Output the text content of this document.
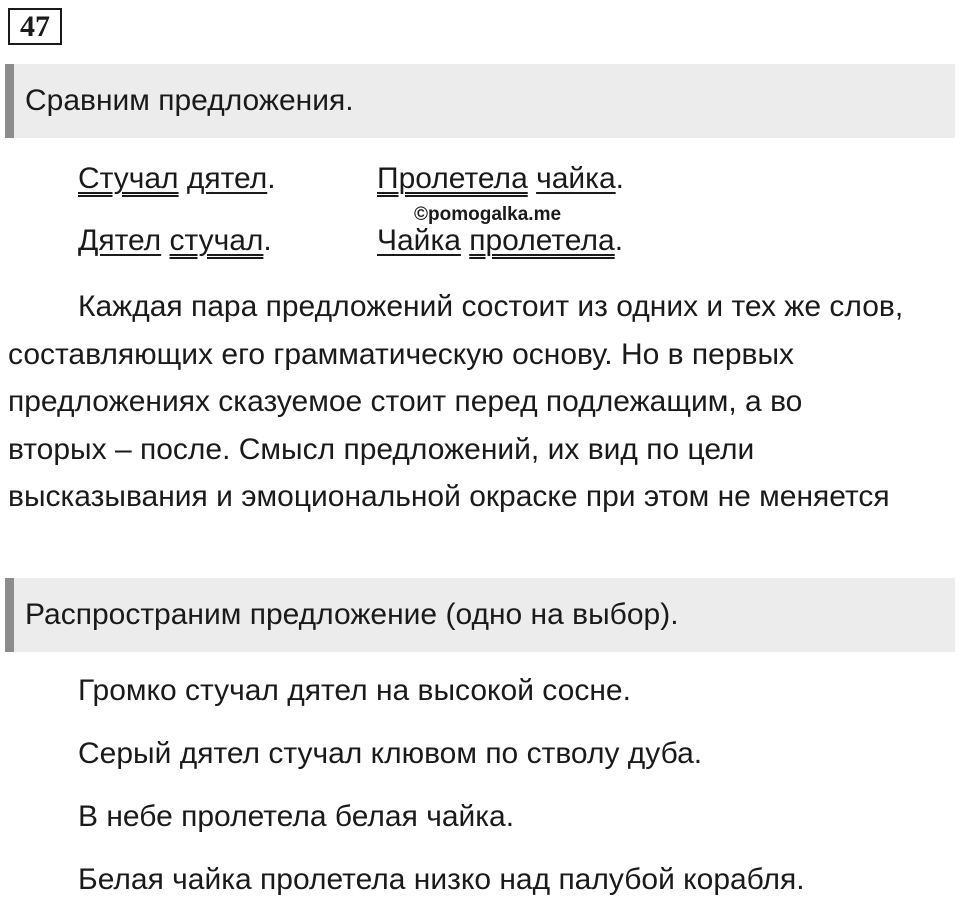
47
Сравним предложения.
Стучал дятел.	Пролетела чайка.
©pomogalka.me
Дятел стучал.	Чайка пролетела.

Каждая пара предложений состоит из одних и тех же слов, составляющих его грамматическую основу. Но в первых предложениях сказуемое стоит перед подлежащим, а во вторых – после. Смысл предложений, их вид по цели высказывания и эмоциональной окраске при этом не меняется

Распространим предложение (одно на выбор).
Громко стучал дятел на высокой сосне.
Серый дятел стучал клювом по стволу дуба.
В небе пролетела белая чайка.
Белая чайка пролетела низко над палубой корабля.
